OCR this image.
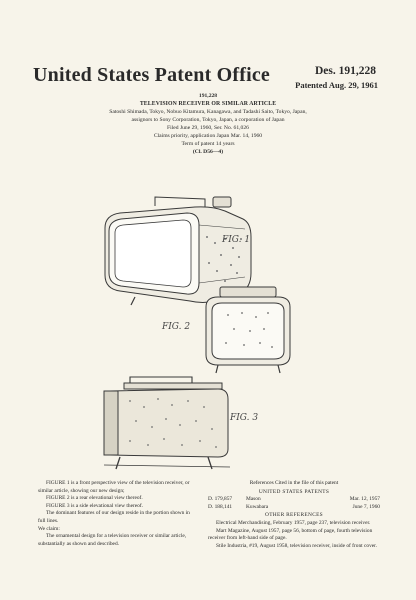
United States Patent Office	Des. 191,228
Patented Aug. 29, 1961
191,228
TELEVISION RECEIVER OR SIMILAR ARTICLE
Satoshi Shimada, Tokyo, Nobuo Kitamura, Kanagawa, and Tadashi Saito, Tokyo, Japan, assignors to Sony Corporation, Tokyo, Japan, a corporation of Japan
Filed June 29, 1960, Ser. No. 61,026
Claims priority, application Japan Mar. 14, 1960
Term of patent 14 years
(Cl. D56—4)
FIG. 1
FIG. 2
FIG. 3

FIGURE 1 is a front perspective view of the television receiver, or similar article, showing our new design;

FIGURE 2 is a rear elevational view thereof.

FIGURE 3 is a side elevational view thereof.

The dominant features of our design reside in the portion shown in full lines.

We claim:

The ornamental design for a television receiver or similar article, substantially as shown and described.

References Cited in the file of this patent
UNITED STATES PATENTS
D. 179,857	Mason	Mar. 12, 1957
D. 188,141	Kuwabara	June 7, 1960
OTHER REFERENCES

Electrical Merchandising, February 1957, page 237, television receiver.

Mart Magazine, August 1957, page 56, bottom of page, fourth television receiver from left-hand side of page.

Stile Industria, #19, August 1958, television receiver, inside of front cover.
